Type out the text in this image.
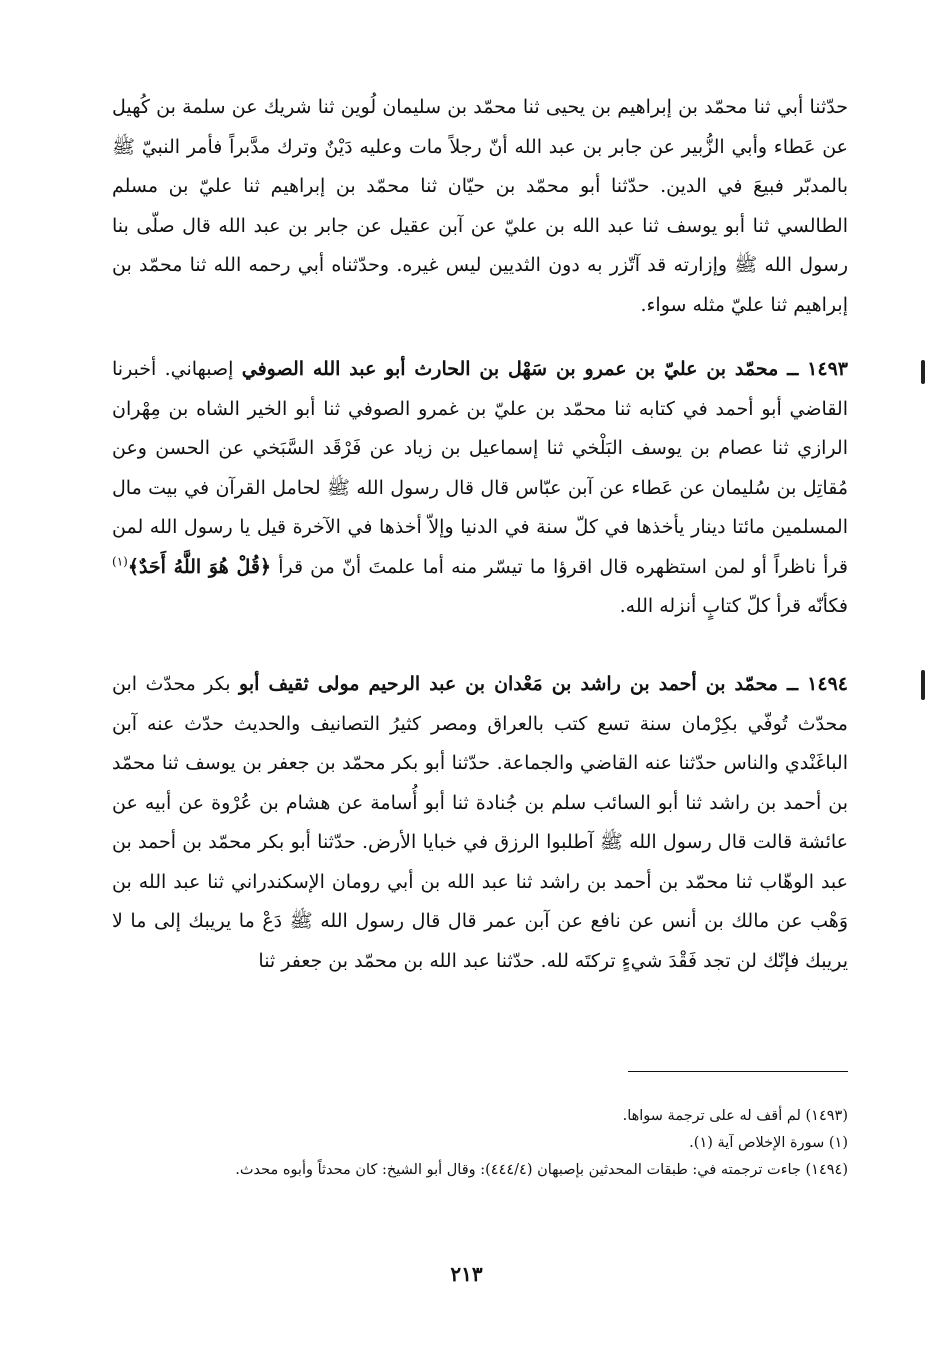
حدّثنا أبي ثنا محمّد بن إبراهيم بن يحيى ثنا محمّد بن سليمان لُوين ثنا شريك عن سلمة بن كُهيل عن عَطاء وأبي الزُّبير عن جابر بن عبد الله أنّ رجلاً مات وعليه دَيْنٌ وترك مدَّبراً فأمر النبيّ ﷺ بالمدبّر فبيعَ في الدين. حدّثنا أبو محمّد بن حيّان ثنا محمّد بن إبراهيم ثنا عليّ بن مسلم الطالسي ثنا أبو يوسف ثنا عبد الله بن عليّ عن آبن عقيل عن جابر بن عبد الله قال صلّى بنا رسول الله ﷺ وإزارته قد آتّزر به دون الثديين ليس غيره. وحدّثناه أبي رحمه الله ثنا محمّد بن إبراهيم ثنا عليّ مثله سواء.
١٤٩٣ ــ محمّد بن عليّ بن عمرو بن سَهْل بن الحارث أبو عبد الله الصوفي إصبهاني. أخبرنا القاضي أبو أحمد في كتابه ثنا محمّد بن عليّ بن غمرو الصوفي ثنا أبو الخير الشاه بن مِهْران الرازي ثنا عصام بن يوسف البَلْخي ثنا إسماعيل بن زياد عن فَرْقَد السَّبَخي عن الحسن وعن مُقاتِل بن سُليمان عن عَطاء عن آبن عبّاس قال قال رسول الله ﷺ لحامل القرآن في بيت مال المسلمين مائتا دينار يأخذها في كلّ سنة في الدنيا وإلاّ أخذها في الآخرة قيل يا رسول الله لمن قرأ ناظراً أو لمن استظهره قال اقرؤا ما تيسّر منه أما علمتَ أنّ من قرأ ﴿قُلْ هُوَ اللَّهُ أَحَدٌ﴾$^{(١)}$ فكأنّه قرأ كلّ كتابٍ أنزله الله.
١٤٩٤ ــ محمّد بن أحمد بن راشد بن مَعْدان بن عبد الرحيم مولى ثقيف أبو بكر محدّث ابن محدّث تُوفّي بكِرْمان سنة تسع كتب بالعراق ومصر كثيرُ التصانيف والحديث حدّث عنه آبن الباغَنْدي والناس حدّثنا عنه القاضي والجماعة. حدّثنا أبو بكر محمّد بن جعفر بن يوسف ثنا محمّد بن أحمد بن راشد ثنا أبو السائب سلم بن جُنادة ثنا أبو أُسامة عن هشام بن عُرْوة عن أبيه عن عائشة قالت قال رسول الله ﷺ آطلبوا الرزق في خبايا الأرض. حدّثنا أبو بكر محمّد بن أحمد بن عبد الوهّاب ثنا محمّد بن أحمد بن راشد ثنا عبد الله بن أبي رومان الإسكندراني ثنا عبد الله بن وَهْب عن مالك بن أنس عن نافع عن آبن عمر قال قال رسول الله ﷺ دَعْ ما يريبك إلى ما لا يريبك فإنّك لن تجد فَقْدَ شيءٍ تركتَه لله. حدّثنا عبد الله بن محمّد بن جعفر ثنا

(١٤٩٣) لم أقف له على ترجمة سواها.

(١) سورة الإخلاص آية (١).

(١٤٩٤) جاءت ترجمته في: طبقات المحدثين بإصبهان (٤٤٤/٤): وقال أبو الشيخ: كان محدثاً وأبوه محدث.

٢١٣
